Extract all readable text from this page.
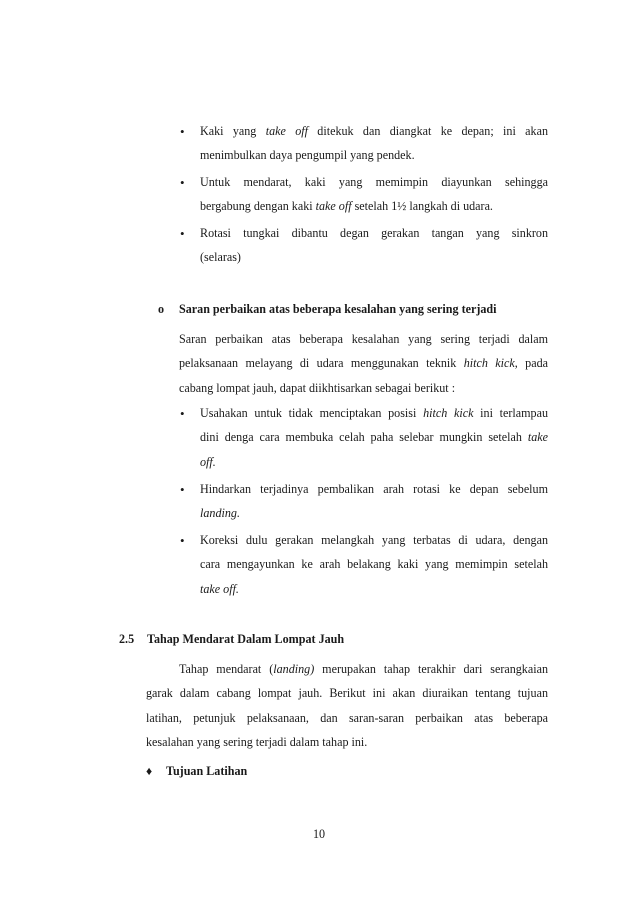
• Kaki yang take off ditekuk dan diangkat ke depan; ini akan
menimbulkan daya pengumpil yang pendek.

• Untuk mendarat, kaki yang memimpin diayunkan sehingga
bergabung dengan kaki take off setelah 1½ langkah di udara.

• Rotasi tungkai dibantu degan gerakan tangan yang sinkron
(selaras)

o Saran perbaikan atas beberapa kesalahan yang sering terjadi

Saran perbaikan atas beberapa kesalahan yang sering terjadi dalam
pelaksanaan melayang di udara menggunakan teknik hitch kick, pada
cabang lompat jauh, dapat diikhtisarkan sebagai berikut :

• Usahakan untuk tidak menciptakan posisi hitch kick ini terlampau
dini denga cara membuka celah paha selebar mungkin setelah take
off.

• Hindarkan terjadinya pembalikan arah rotasi ke depan sebelum
landing.

• Koreksi dulu gerakan melangkah yang terbatas di udara, dengan
cara mengayunkan ke arah belakang kaki yang memimpin setelah
take off.

2.5 Tahap Mendarat Dalam Lompat Jauh

Tahap mendarat (landing) merupakan tahap terakhir dari serangkaian
garak dalam cabang lompat jauh. Berikut ini akan diuraikan tentang tujuan
latihan, petunjuk pelaksanaan, dan saran-saran perbaikan atas beberapa
kesalahan yang sering terjadi dalam tahap ini.

♦ Tujuan Latihan
10
